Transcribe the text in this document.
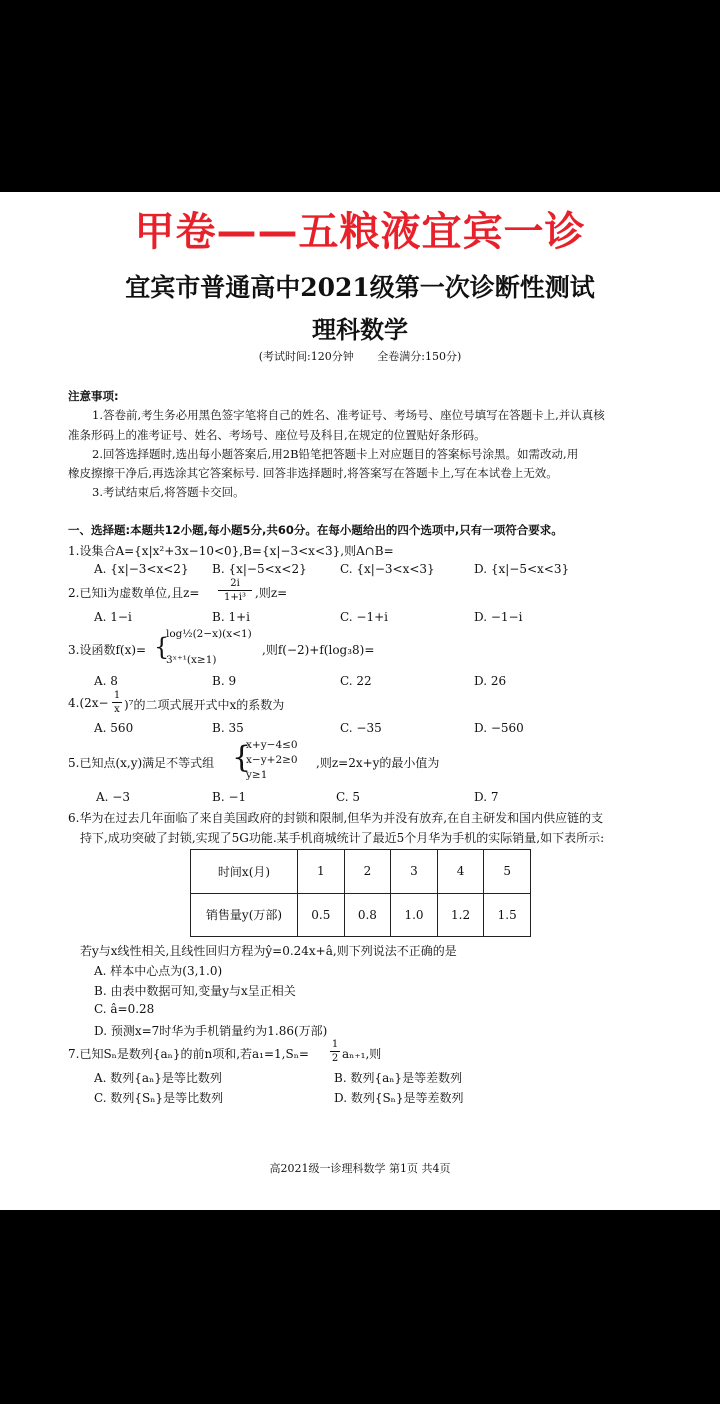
甲卷——五粮液宜宾一诊
宜宾市普通高中2021级第一次诊断性测试
理科数学
(考试时间:120分钟 全卷满分:150分)
注意事项:
1.答卷前,考生务必用黑色签字笔将自己的姓名、准考证号、考场号、座位号填写在答题卡上,并认真核
准条形码上的准考证号、姓名、考场号、座位号及科目,在规定的位置贴好条形码。
2.回答选择题时,选出每小题答案后,用2B铅笔把答题卡上对应题目的答案标号涂黑。如需改动,用
橡皮擦擦干净后,再选涂其它答案标号. 回答非选择题时,将答案写在答题卡上,写在本试卷上无效。
3.考试结束后,将答题卡交回。
一、选择题:本题共12小题,每小题5分,共60分。在每小题给出的四个选项中,只有一项符合要求。
1.设集合A={x|x²+3x−10<0},B={x|−3<x<3},则A∩B=
A. {x|−3<x<2} B. {x|−5<x<2}	C. {x|−3<x<3}	D. {x|−5<x<3}
2.已知i为虚数单位,且$z= \frac{2i}{\text{1+i³}}$ ,则z=
A. 1−i	B. 1+i	C. −1+i	D. −1−i
3.设函数f(x)= {
log½(2−x)(x<1)
3ˣ⁺¹(x≥1)
,则f(−2)+f(log₃8)=
A. 8	B. 9	C. 22	D. 26
$4.(2x- \frac{1}{x} )^7$的二项式展开式中x的系数为
A. 560	B. 35	C. −35	D. −560
5.已知点(x,y)满足不等式组 {
x+y−4≤0
x−y+2≥0
y≥1
,则z=2x+y的最小值为
A. −3	B. −1	C. 5	D. 7
6.华为在过去几年面临了来自美国政府的封锁和限制,但华为并没有放弃,在自主研发和国内供应链的支
持下,成功突破了封锁,实现了5G功能.某手机商城统计了最近5个月华为手机的实际销量,如下表所示:
时间x(月)	1	2	3	4	5
销售量y(万部)	0.5	0.8	1.0	1.2	1.5
若y与x线性相关,且线性回归方程为ŷ=0.24x+â,则下列说法不正确的是
A. 样本中心点为(3,1.0)
B. 由表中数据可知,变量y与x呈正相关
C. â=0.28
D. 预测x=7时华为手机销量约为1.86(万部)
7.已知Sₙ是数列{aₙ}的前n项和,若$a_1=1,S_n= \frac{1}{2} a_{n+1}$,则
A. 数列{aₙ}是等比数列	B. 数列{aₙ}是等差数列
C. 数列{Sₙ}是等比数列	D. 数列{Sₙ}是等差数列
高2021级一诊理科数学 第1页 共4页
